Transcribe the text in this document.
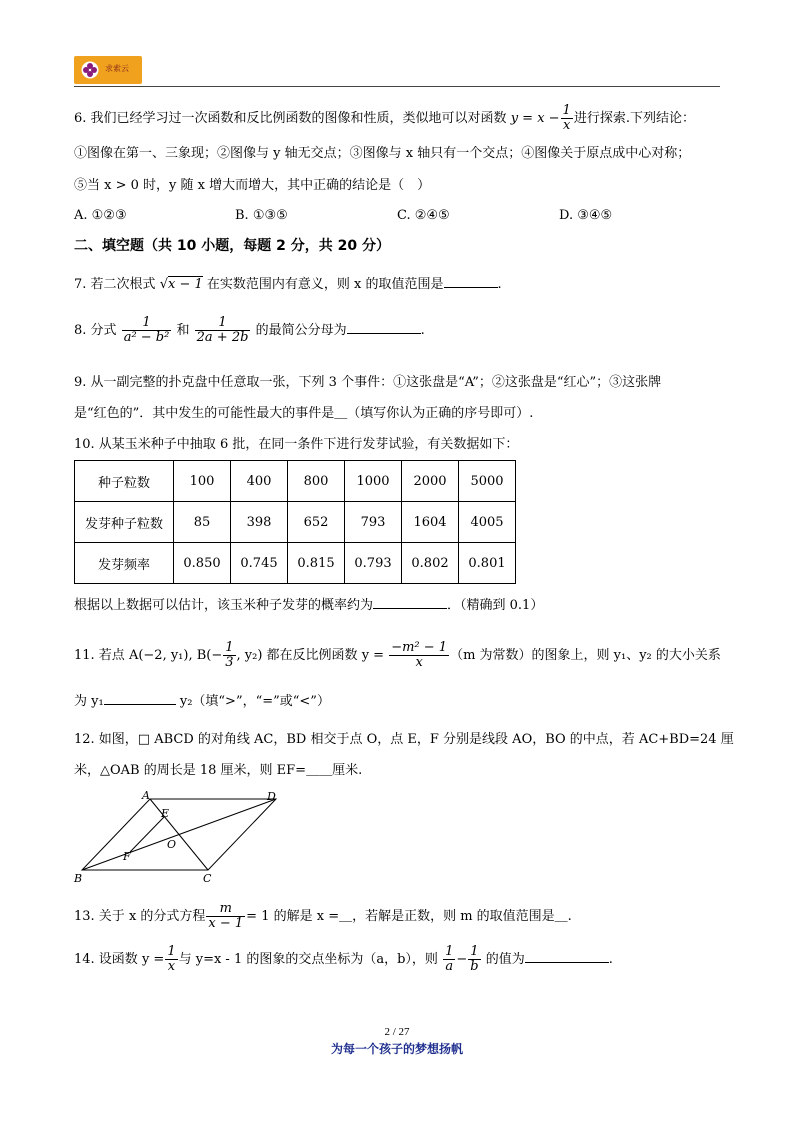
求索云
6. 我们已经学习过一次函数和反比例函数的图像和性质，类似地可以对函数 $y = x - \frac{1}{x}$ 进行探索.下列结论：
①图像在第一、三象现；②图像与 y 轴无交点；③图像与 x 轴只有一个交点；④图像关于原点成中心对称；
⑤当 x > 0 时，y 随 x 增大而增大，其中正确的结论是（　）
A. ①②③	B. ①③⑤	C. ②④⑤	D. ③④⑤
二、填空题（共 10 小题，每题 2 分，共 20 分）
7. 若二次根式 √x − 1 在实数范围内有意义，则 x 的取值范围是	.
8. 分式 $\frac{1}{\text{a² − b²}}$ 和 $\frac{1}{2a + 2b}$ 的最简公分母为	.
9. 从一副完整的扑克盘中任意取一张，下列 3 个事件：①这张盘是“A”；②这张盘是“红心”；③这张牌
是“红色的”．其中发生的可能性最大的事件是＿（填写你认为正确的序号即可）.
10. 从某玉米种子中抽取 6 批，在同一条件下进行发芽试验，有关数据如下：
种子粒数	100	400	800	1000	2000	5000
发芽种子粒数	85	398	652	793	1604	4005
发芽频率	0.850	0.745	0.815	0.793	0.802	0.801
根据以上数据可以估计，该玉米种子发芽的概率约为	．（精确到 0.1）
11. 若点 A(−2, y₁), $B(- \frac{1}{3}$ , y₂) 都在反比例函数 $y = \frac{\text{−m² − 1}}{x} (m$ 为常数）的图象上，则 y₁、y₂ 的大小关系
为 y₁	y₂（填“>”，“=”或“<”）
12. 如图，□ ABCD 的对角线 AC，BD 相交于点 O，点 E，F 分别是线段 AO，BO 的中点，若 AC+BD=24 厘
米，△OAB 的周长是 18 厘米，则 EF=＿＿厘米.
A	D
B	C
E
F
O
13. 关于 x 的分式方程 $\frac{m}{x - 1} = 1$ 的解是 x =＿，若解是正数，则 m 的取值范围是＿.
14. 设函数 $y = \frac{1}{x}$ 与 y=x - 1 的图象的交点坐标为（a，b），则 $\frac{1}{a} - \frac{1}{b}$ 的值为	.
2 / 27
为每一个孩子的梦想扬帆
